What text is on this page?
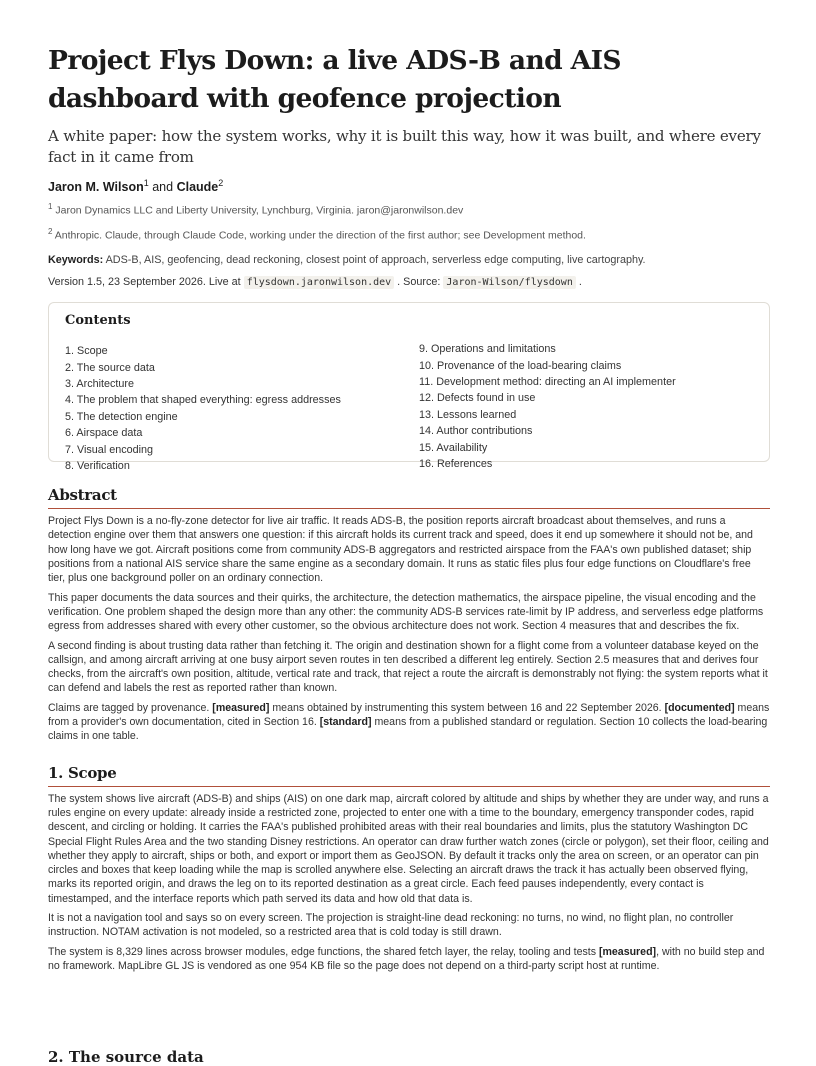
Project Flys Down: a live ADS-B and AIS dashboard with geofence projection

A white paper: how the system works, why it is built this way, how it was built, and where every fact in it came from

Jaron M. Wilson$^1$ and Claude$^2$

$^1$ Jaron Dynamics LLC and Liberty University, Lynchburg, Virginia. jaron@jaronwilson.dev

$^2$ Anthropic. Claude, through Claude Code, working under the direction of the first author; see Development method.

Keywords: ADS-B, AIS, geofencing, dead reckoning, closest point of approach, serverless edge computing, live cartography.

Version 1.5, 23 September 2026. Live at flysdown.jaronwilson.dev . Source: Jaron-Wilson/flysdown .

Contents

1. Scope
2. The source data
3. Architecture
4. The problem that shaped everything: egress addresses
5. The detection engine
6. Airspace data
7. Visual encoding
8. Verification
9. Operations and limitations
10. Provenance of the load-bearing claims
11. Development method: directing an AI implementer
12. Defects found in use
13. Lessons learned
14. Author contributions
15. Availability
16. References
Abstract

Project Flys Down is a no-fly-zone detector for live air traffic. It reads ADS-B, the position reports aircraft broadcast about themselves, and runs a detection engine over them that answers one question: if this aircraft holds its current track and speed, does it end up somewhere it should not be, and how long have we got. Aircraft positions come from community ADS-B aggregators and restricted airspace from the FAA's own published dataset; ship positions from a national AIS service share the same engine as a secondary domain. It runs as static files plus four edge functions on Cloudflare's free tier, plus one background poller on an ordinary connection.

This paper documents the data sources and their quirks, the architecture, the detection mathematics, the airspace pipeline, the visual encoding and the verification. One problem shaped the design more than any other: the community ADS-B services rate-limit by IP address, and serverless edge platforms egress from addresses shared with every other customer, so the obvious architecture does not work. Section 4 measures that and describes the fix.

A second finding is about trusting data rather than fetching it. The origin and destination shown for a flight come from a volunteer database keyed on the callsign, and among aircraft arriving at one busy airport seven routes in ten described a different leg entirely. Section 2.5 measures that and derives four checks, from the aircraft's own position, altitude, vertical rate and track, that reject a route the aircraft is demonstrably not flying: the system reports what it can defend and labels the rest as reported rather than known.

Claims are tagged by provenance. [measured] means obtained by instrumenting this system between 16 and 22 September 2026. [documented] means from a provider's own documentation, cited in Section 16. [standard] means from a published standard or regulation. Section 10 collects the load-bearing claims in one table.

1. Scope

The system shows live aircraft (ADS-B) and ships (AIS) on one dark map, aircraft colored by altitude and ships by whether they are under way, and runs a rules engine on every update: already inside a restricted zone, projected to enter one with a time to the boundary, emergency transponder codes, rapid descent, and circling or holding. It carries the FAA's published prohibited areas with their real boundaries and limits, plus the statutory Washington DC Special Flight Rules Area and the two standing Disney restrictions. An operator can draw further watch zones (circle or polygon), set their floor, ceiling and whether they apply to aircraft, ships or both, and export or import them as GeoJSON. By default it tracks only the area on screen, or an operator can pin circles and boxes that keep loading while the map is scrolled anywhere else. Selecting an aircraft draws the track it has actually been observed flying, marks its reported origin, and draws the leg on to its reported destination as a great circle. Each feed pauses independently, every contact is timestamped, and the interface reports which path served its data and how old that data is.

It is not a navigation tool and says so on every screen. The projection is straight-line dead reckoning: no turns, no wind, no flight plan, no controller instruction. NOTAM activation is not modeled, so a restricted area that is cold today is still drawn.

The system is 8,329 lines across browser modules, edge functions, the shared fetch layer, the relay, tooling and tests [measured], with no build step and no framework. MapLibre GL JS is vendored as one 954 KB file so the page does not depend on a third-party script host at runtime.

2. The source data
